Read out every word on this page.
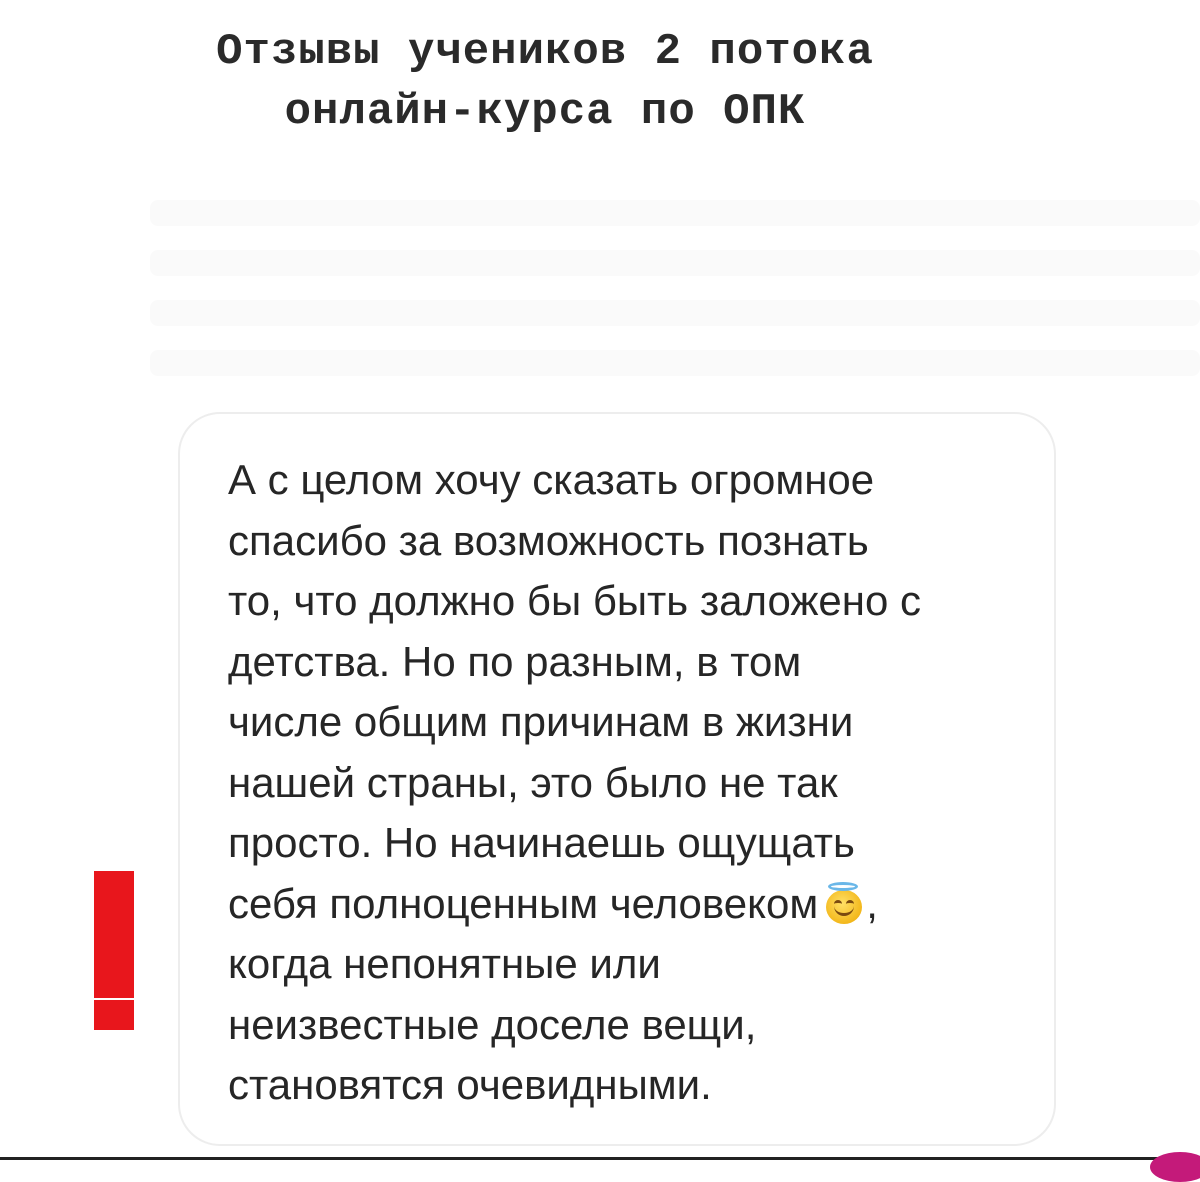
Отзывы учеников 2 потока
онлайн-курса по ОПК
А с целом хочу сказать огромное
спасибо за возможность познать
то, что должно бы быть заложено с
детства. Но по разным, в том
числе общим причинам в жизни
нашей страны, это было не так
просто. Но начинаешь ощущать
себя полноценным человеком ,
когда непонятные или
неизвестные доселе вещи,
становятся очевидными.
